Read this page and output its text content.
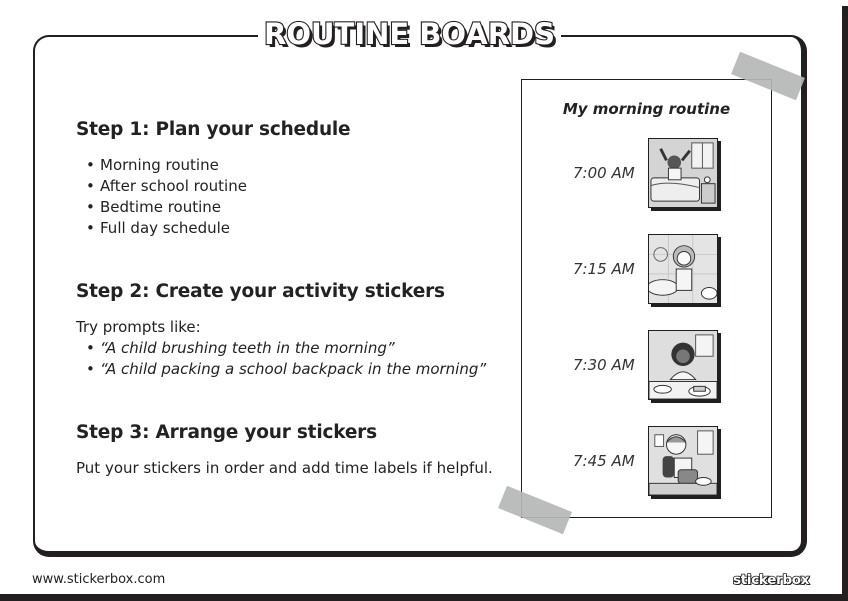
ROUTINE BOARDS
Step 1: Plan your schedule
• Morning routine
• After school routine
• Bedtime routine
• Full day schedule
Step 2: Create your activity stickers
Try prompts like:
• “A child brushing teeth in the morning”
• “A child packing a school backpack in the morning”
Step 3: Arrange your stickers
Put your stickers in order and add time labels if helpful.
My morning routine
7:00 AM
7:15 AM
7:30 AM
7:45 AM
www.stickerbox.com	stickerbox
